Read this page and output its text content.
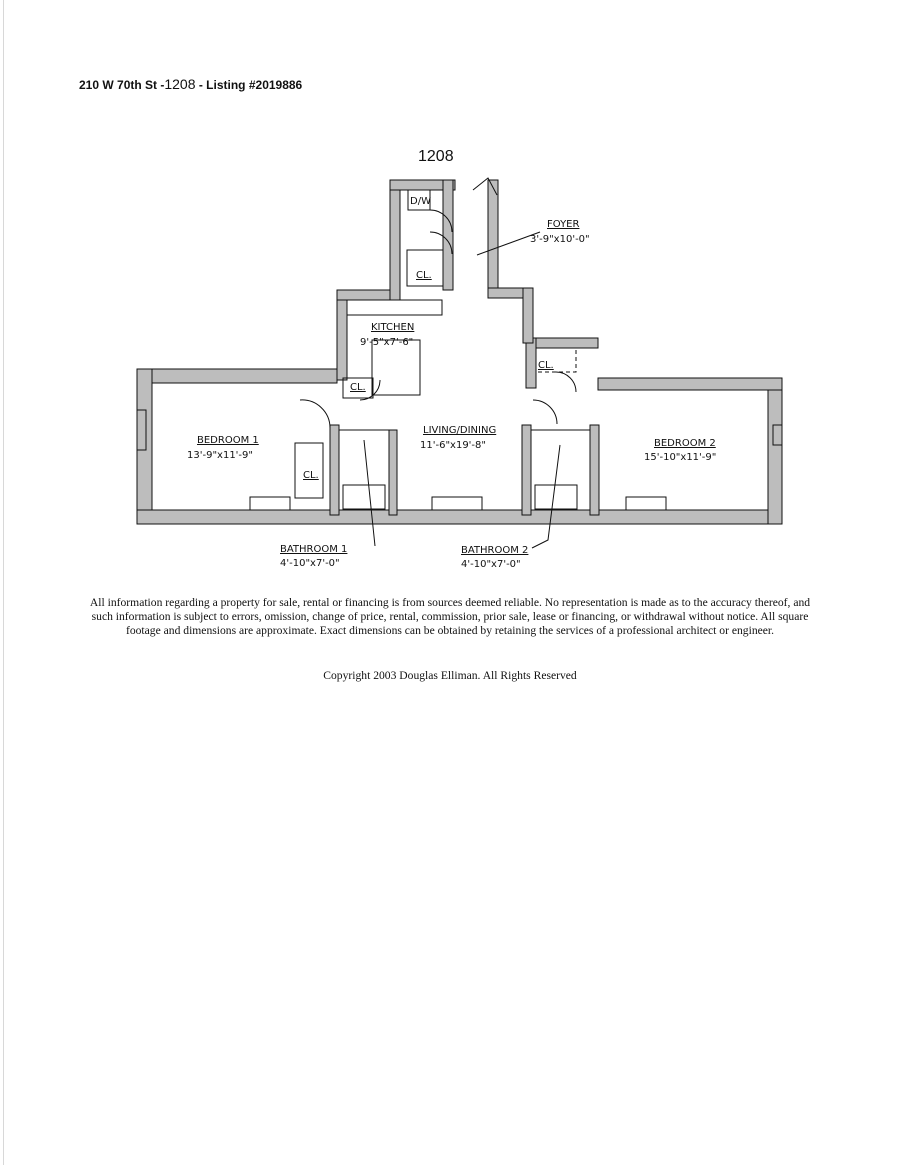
210 W 70th St -1208 - Listing #2019886
1208
D/W
CL.
CL.
CL.
CL.
FOYER
3'-9"x10'-0"
KITCHEN
9'-5"x7'-6"
BEDROOM 1
13'-9"x11'-9"
LIVING/DINING
11'-6"x19'-8"	BEDROOM 2
15'-10"x11'-9"
BATHROOM 1
4'-10"x7'-0"
BATHROOM 2
4'-10"x7'-0"
All information regarding a property for sale, rental or financing is from sources deemed reliable. No representation is made as to the accuracy thereof, and such information is subject to errors, omission, change of price, rental, commission, prior sale, lease or financing, or withdrawal without notice. All square footage and dimensions are approximate. Exact dimensions can be obtained by retaining the services of a professional architect or engineer.
Copyright 2003 Douglas Elliman. All Rights Reserved
